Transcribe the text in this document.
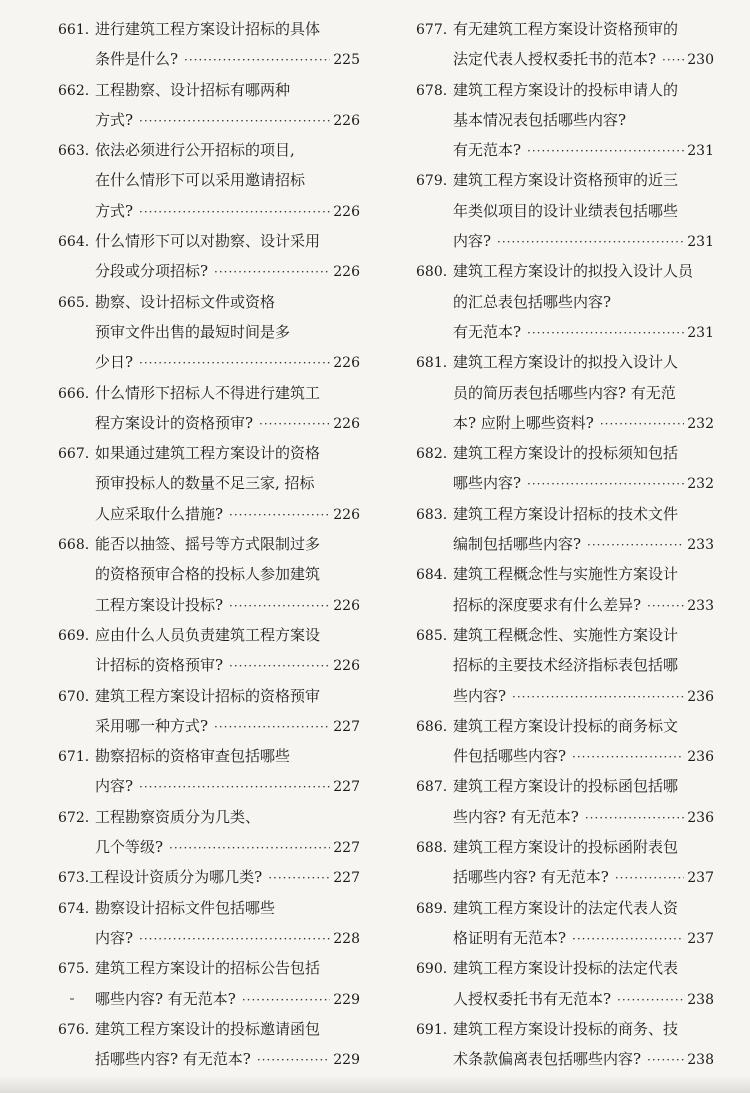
661. 进行建筑工程方案设计招标的具体
条件是什么? ·····	225
662. 工程勘察、设计招标有哪两种
方式? ·····	226
663. 依法必须进行公开招标的项目,
在什么情形下可以采用邀请招标
方式? ·····	226
664. 什么情形下可以对勘察、设计采用
分段或分项招标? ·····	226
665. 勘察、设计招标文件或资格
预审文件出售的最短时间是多
少日? ·····	226
666. 什么情形下招标人不得进行建筑工
程方案设计的资格预审? ·····	226
667. 如果通过建筑工程方案设计的资格
预审投标人的数量不足三家, 招标
人应采取什么措施? ·····	226
668. 能否以抽签、摇号等方式限制过多
的资格预审合格的投标人参加建筑
工程方案设计投标? ·····	226
669. 应由什么人员负责建筑工程方案设
计招标的资格预审? ·····	226
670. 建筑工程方案设计招标的资格预审
采用哪一种方式? ·····	227
671. 勘察招标的资格审查包括哪些
内容? ·····	227
672. 工程勘察资质分为几类、
几个等级? ·····	227
673. 工程设计资质分为哪几类? ·····	227
674. 勘察设计招标文件包括哪些
内容? ·····	228
675. 建筑工程方案设计的招标公告包括
哪些内容? 有无范本? ·····	229
676. 建筑工程方案设计的投标邀请函包
括哪些内容? 有无范本? ·····	229
677. 有无建筑工程方案设计资格预审的
法定代表人授权委托书的范本? ····· 230
678. 建筑工程方案设计的投标申请人的
基本情况表包括哪些内容?
有无范本? ·····	231
679. 建筑工程方案设计资格预审的近三
年类似项目的设计业绩表包括哪些
内容? ·····	231
680. 建筑工程方案设计的拟投入设计人员
的汇总表包括哪些内容?
有无范本? ·····	231
681. 建筑工程方案设计的拟投入设计人
员的简历表包括哪些内容? 有无范
本? 应附上哪些资料? ·····	232
682. 建筑工程方案设计的投标须知包括
哪些内容? ·····	232
683. 建筑工程方案设计招标的技术文件
编制包括哪些内容? ·····	233
684. 建筑工程概念性与实施性方案设计
招标的深度要求有什么差异? ·····	233
685. 建筑工程概念性、实施性方案设计
招标的主要技术经济指标表包括哪
些内容? ·····	236
686. 建筑工程方案设计投标的商务标文
件包括哪些内容? ·····	236
687. 建筑工程方案设计的投标函包括哪
些内容? 有无范本? ·····	236
688. 建筑工程方案设计的投标函附表包
括哪些内容? 有无范本? ·····	237
689. 建筑工程方案设计的法定代表人资
格证明有无范本? ·····	237
690. 建筑工程方案设计投标的法定代表
人授权委托书有无范本? ·····	238
691. 建筑工程方案设计投标的商务、技
术条款偏离表包括哪些内容? ·····	238
